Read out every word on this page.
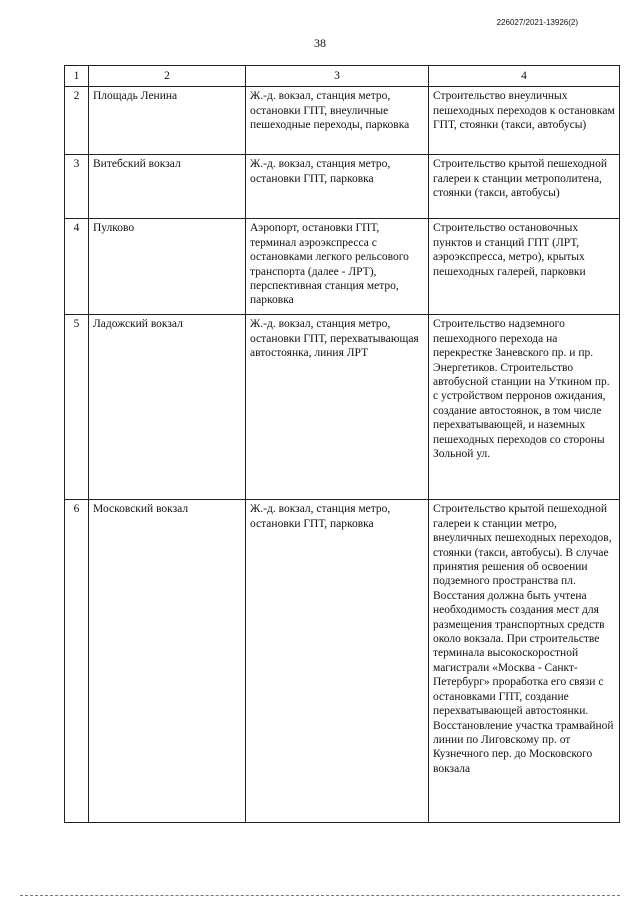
226027/2021-13926(2)
38
1	2	3	4
2	Площадь Ленина	Ж.-д. вокзал, станция метро, остановки ГПТ, внеуличные пешеходные переходы, парковка	Строительство внеуличных пешеходных переходов к остановкам ГПТ, стоянки (такси, автобусы)
3	Витебский вокзал	Ж.-д. вокзал, станция метро, остановки ГПТ, парковка	Строительство крытой пешеходной галереи к станции метрополитена, стоянки (такси, автобусы)
4	Пулково	Аэропорт, остановки ГПТ, терминал аэроэкспресса с остановками легкого рельсового транспорта (далее - ЛРТ), перспективная станция метро, парковка	Строительство остановочных пунктов и станций ГПТ (ЛРТ, аэроэкспресса, метро), крытых пешеходных галерей, парковки
5	Ладожский вокзал	Ж.-д. вокзал, станция метро, остановки ГПТ, перехватывающая автостоянка, линия ЛРТ	Строительство надземного пешеходного перехода на перекрестке Заневского пр. и пр. Энергетиков. Строительство автобусной станции на Уткином пр. с устройством перронов ожидания, создание автостоянок, в том числе перехватывающей, и наземных пешеходных переходов со стороны Зольной ул.
6	Московский вокзал	Ж.-д. вокзал, станция метро, остановки ГПТ, парковка	Строительство крытой пешеходной галереи к станции метро, внеуличных пешеходных переходов, стоянки (такси, автобусы). В случае принятия решения об освоении подземного пространства пл. Восстания должна быть учтена необходимость создания мест для размещения транспортных средств около вокзала. При строительстве терминала высокоскоростной магистрали «Москва - Санкт-Петербург» проработка его связи с остановками ГПТ, создание перехватывающей автостоянки. Восстановление участка трамвайной линии по Лиговскому пр. от Кузнечного пер. до Московского вокзала
